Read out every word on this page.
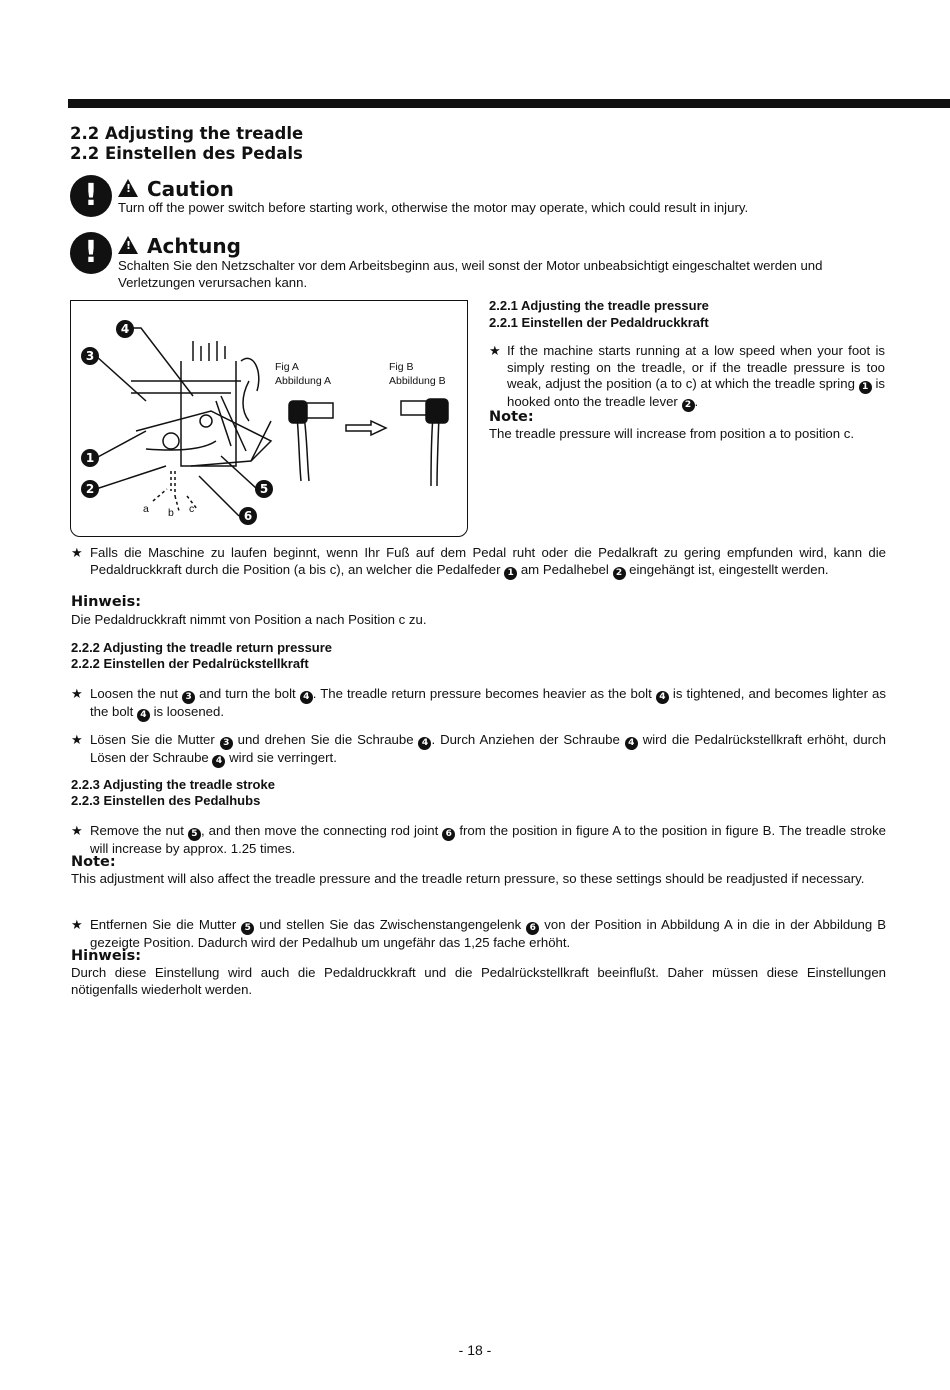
2.2 Adjusting the treadle
2.2 Einstellen des Pedals
! !	Caution
Turn off the power switch before starting work, otherwise the motor may operate, which could result in injury.
! !	Achtung
Schalten Sie den Netzschalter vor dem Arbeitsbeginn aus, weil sonst der Motor unbeabsichtigt eingeschaltet werden und Verletzungen verursachen kann.
Fig A
Abbildung A
Fig B
Abbildung B
a b c
4
3
1
2	5
6
2.2.1 Adjusting the treadle pressure
2.2.1 Einstellen der Pedaldruckkraft
★ If the machine starts running at a low speed when your foot is simply resting on the treadle, or if the treadle pressure is too weak, adjust the position (a to c) at which the treadle spring 1 is hooked onto the treadle lever 2 .
Note:
The treadle pressure will increase from position a to position c.
★ Falls die Maschine zu laufen beginnt, wenn Ihr Fuß auf dem Pedal ruht oder die Pedalkraft zu gering empfunden wird, kann die Pedaldruckkraft durch die Position (a bis c), an welcher die Pedalfeder 1 am Pedalhebel 2 eingehängt ist, eingestellt werden.
Hinweis:
Die Pedaldruckkraft nimmt von Position a nach Position c zu.
2.2.2 Adjusting the treadle return pressure
2.2.2 Einstellen der Pedalrückstellkraft
★ Loosen the nut 3 and turn the bolt 4 . The treadle return pressure becomes heavier as the bolt 4 is tightened, and becomes lighter as the bolt 4 is loosened.
★ Lösen Sie die Mutter 3 und drehen Sie die Schraube 4 . Durch Anziehen der Schraube 4 wird die Pedalrückstellkraft erhöht, durch Lösen der Schraube 4 wird sie verringert.
2.2.3 Adjusting the treadle stroke
2.2.3 Einstellen des Pedalhubs
★ Remove the nut 5 , and then move the connecting rod joint 6 from the position in figure A to the position in figure B. The treadle stroke will increase by approx. 1.25 times.
Note:
This adjustment will also affect the treadle pressure and the treadle return pressure, so these settings should be readjusted if necessary.
★ Entfernen Sie die Mutter 5 und stellen Sie das Zwischenstangengelenk 6 von der Position in Abbildung A in die in der Abbildung B gezeigte Position. Dadurch wird der Pedalhub um ungefähr das 1,25 fache erhöht.
Hinweis:
Durch diese Einstellung wird auch die Pedaldruckkraft und die Pedalrückstellkraft beeinflußt. Daher müssen diese Einstellungen nötigenfalls wiederholt werden.
- 18 -
